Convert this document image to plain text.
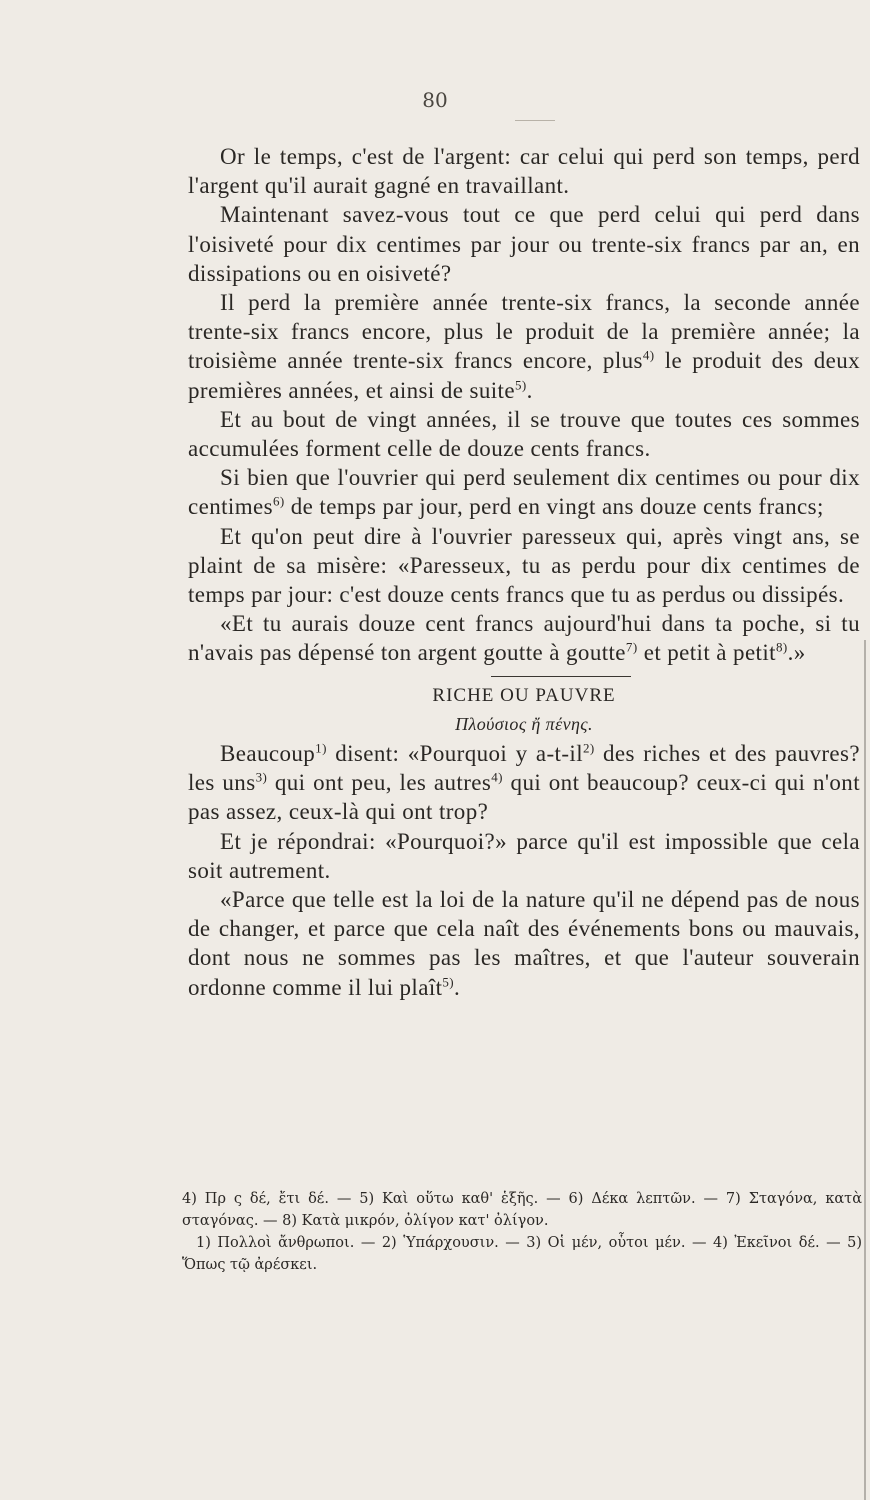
80

Or le temps, c'est de l'argent: car celui qui perd son temps, perd l'argent qu'il aurait gagné en travaillant.

Maintenant savez-vous tout ce que perd celui qui perd dans l'oisiveté pour dix centimes par jour ou trente-six francs par an, en dissipations ou en oisiveté?

Il perd la première année trente-six francs, la seconde année trente-six francs encore, plus le produit de la première année; la troisième année trente-six francs encore, plus$^{4)}$ le produit des deux premières années, et ainsi de suite$^{5)}$.

Et au bout de vingt années, il se trouve que toutes ces sommes accumulées forment celle de douze cents francs.

Si bien que l'ouvrier qui perd seulement dix centimes ou pour dix centimes$^{6)}$ de temps par jour, perd en vingt ans douze cents francs;

Et qu'on peut dire à l'ouvrier paresseux qui, après vingt ans, se plaint de sa misère: «Paresseux, tu as perdu pour dix centimes de temps par jour: c'est douze cents francs que tu as perdus ou dissipés.

«Et tu aurais douze cent francs aujourd'hui dans ta poche, si tu n'avais pas dépensé ton argent goutte à goutte$^{7)}$ et petit à petit$^{8)}$.»

RICHE OU PAUVRE

Πλούσιος ἤ πένης.

Beaucoup$^{1)}$ disent: «Pourquoi y $a-t-il^{2)}$ des riches et des pauvres? les uns$^{3)}$ qui ont peu, les autres$^{4)}$ qui ont beaucoup? ceux-ci qui n'ont pas assez, ceux-là qui ont trop?

Et je répondrai: «Pourquoi?» parce qu'il est impossible que cela soit autrement.

«Parce que telle est la loi de la nature qu'il ne dépend pas de nous de changer, et parce que cela naît des événements bons ou mauvais, dont nous ne sommes pas les maîtres, et que l'auteur souverain ordonne comme il lui plaît$^{5)}$.

4) Πρ ς δέ, ἔτι δέ. — 5) Καὶ οὕτω καθ' ἑξῆς. — 6) Δέκα λεπτῶν. — 7) Σταγόνα, κατὰ σταγόνας. — 8) Κατὰ μικρόν, ὀλίγον κατ' ὀλίγον.

1) Πολλοὶ ἄνθρωποι. — 2) Ὑπάρχουσιν. — 3) Οἱ μέν, οὗτοι μέν. — 4) Ἐκεῖνοι δέ. — 5) Ὅπως τῷ ἀρέσκει.
